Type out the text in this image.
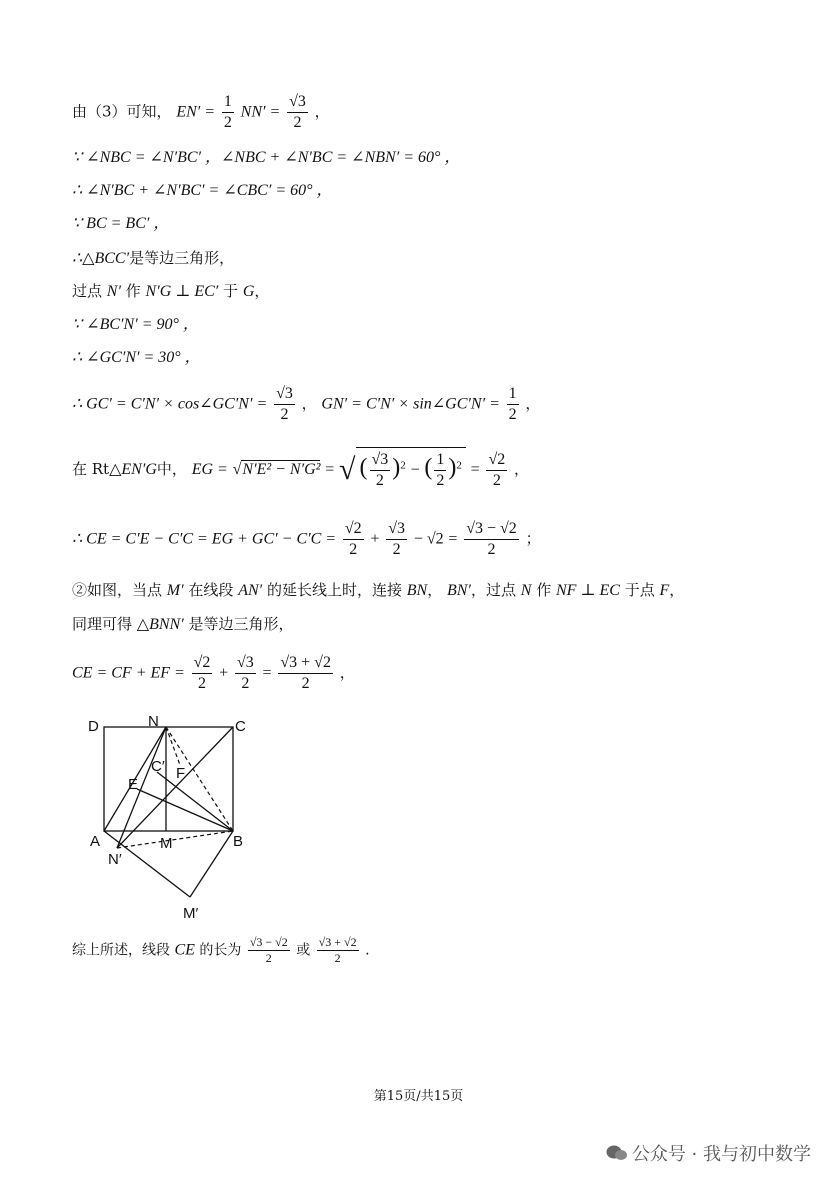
由（3）可知， $EN' = \frac{1}{2} NN' = \frac{√3}{2}$ ，
∵ ∠NBC = ∠N′BC′ ，∠NBC + ∠N′BC = ∠NBN′ = 60° ，
∴ ∠N′BC + ∠N′BC′ = ∠CBC′ = 60° ，
∵ BC = BC′ ，
∴△BCC′是等边三角形，
过点 N′ 作 N′G ⊥ EC′ 于 G，
∵ ∠BC′N′ = 90° ，
∴ ∠GC′N′ = 30° ，
∴ GC′ = C′N′ × cos∠GC′N′ = $\frac{√3}{2}$ ， GN′ = C′N′ × sin∠GC′N′ = $\frac{1}{2}$ ，
在 Rt△EN′G中， EG = √N′E² − N′G² = √ ( $\frac{√3}{2} )^2$ − ( $\frac{1}{2} )^2 = \frac{√2}{2}$ ，
∴ CE = C′E − C′C = EG + $GC' - C'C = \frac{√2}{2} + \frac{√3}{2} - √2 = \frac{√3 - √2}{2}$ ；
②如图，当点 M′ 在线段 AN′ 的延长线上时，连接 BN， BN′，过点 N 作 NF ⊥ EC 于点 F，
同理可得 △BNN′ 是等边三角形，
CE = CF + EF = $\frac{√2}{2} + \frac{√3}{2} = \frac{√3 + √2}{2}$ ，
D	N	C
C′ F
E
A	M	B
N′
M′
综上所述，线段 CE 的长为 $\frac{√3 - √2}{2}$ 或 $\frac{√3 + √2}{2}$ .
第15页/共15页
公众号 · 我与初中数学
